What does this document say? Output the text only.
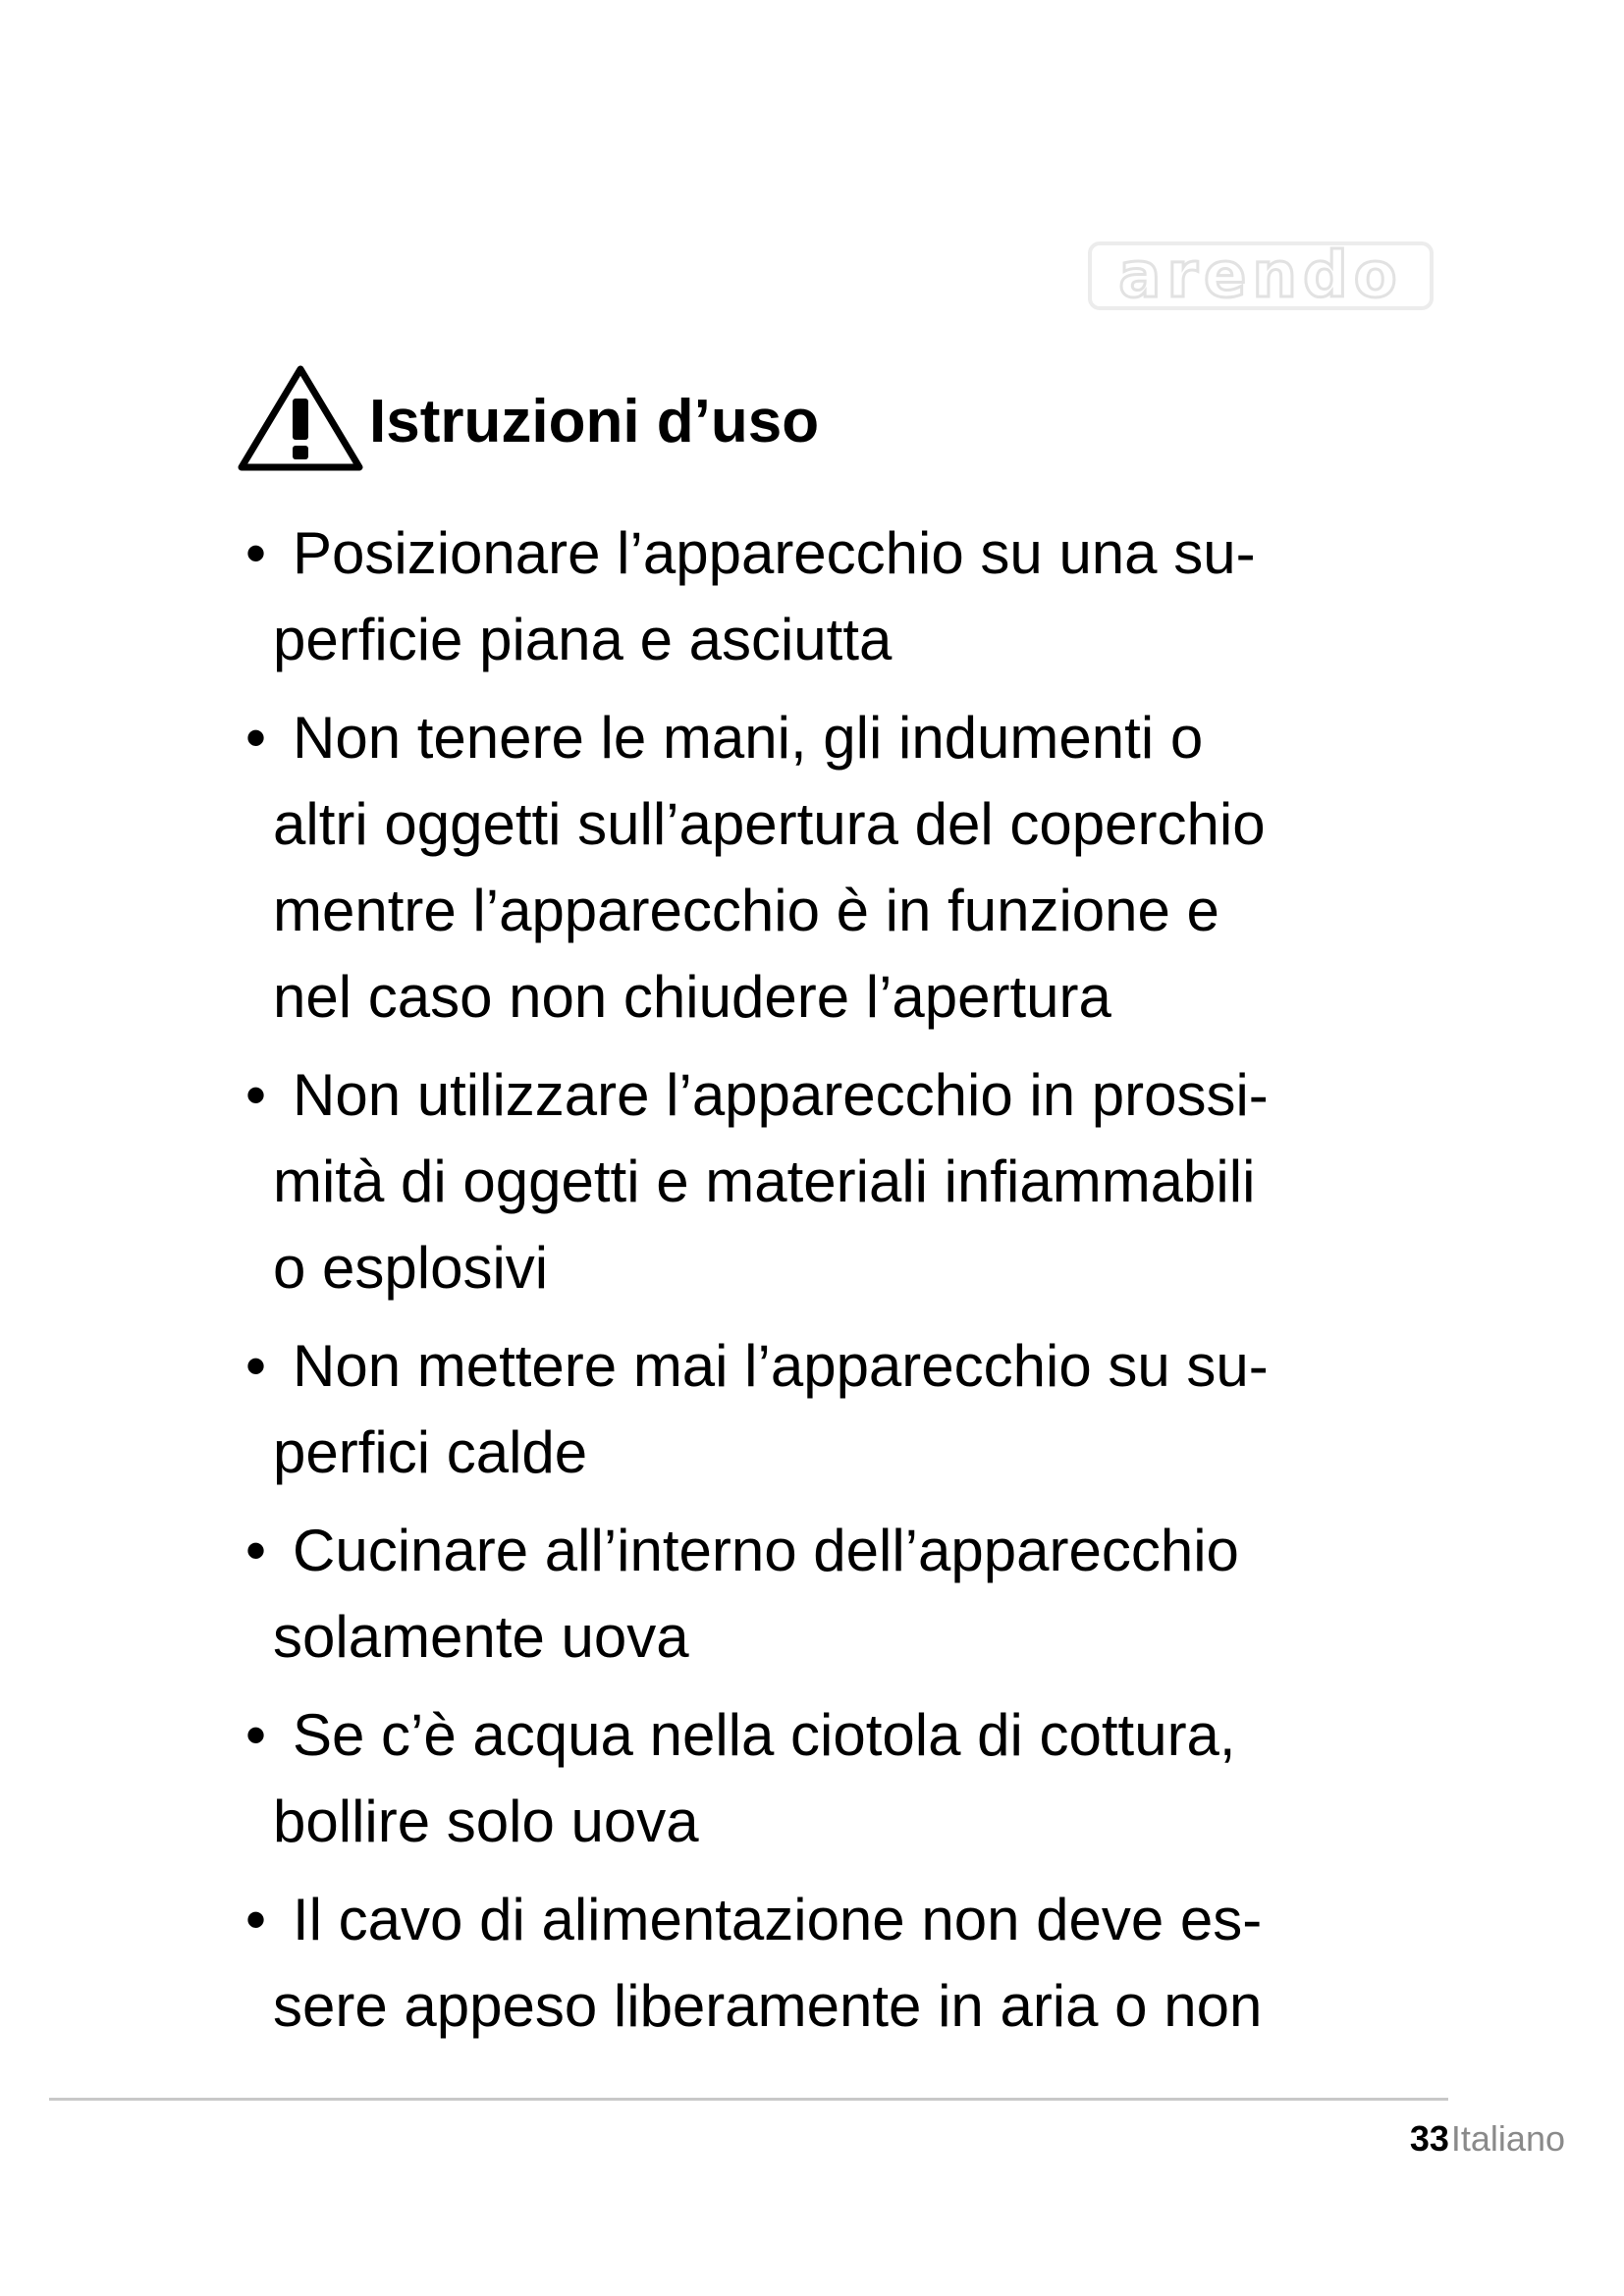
arendo
Istruzioni d’uso
• Posizionare l’apparecchio su una su-
perficie piana e asciutta
• Non tenere le mani, gli indumenti o
altri oggetti sull’apertura del coperchio
mentre l’apparecchio è in funzione e
nel caso non chiudere l’apertura
• Non utilizzare l’apparecchio in prossi-
mità di oggetti e materiali infiammabili
o esplosivi
• Non mettere mai l’apparecchio su su-
perfici calde
• Cucinare all’interno dell’apparecchio
solamente uova
• Se c’è acqua nella ciotola di cottura,
bollire solo uova
• Il cavo di alimentazione non deve es-
sere appeso liberamente in aria o non
33Italiano
